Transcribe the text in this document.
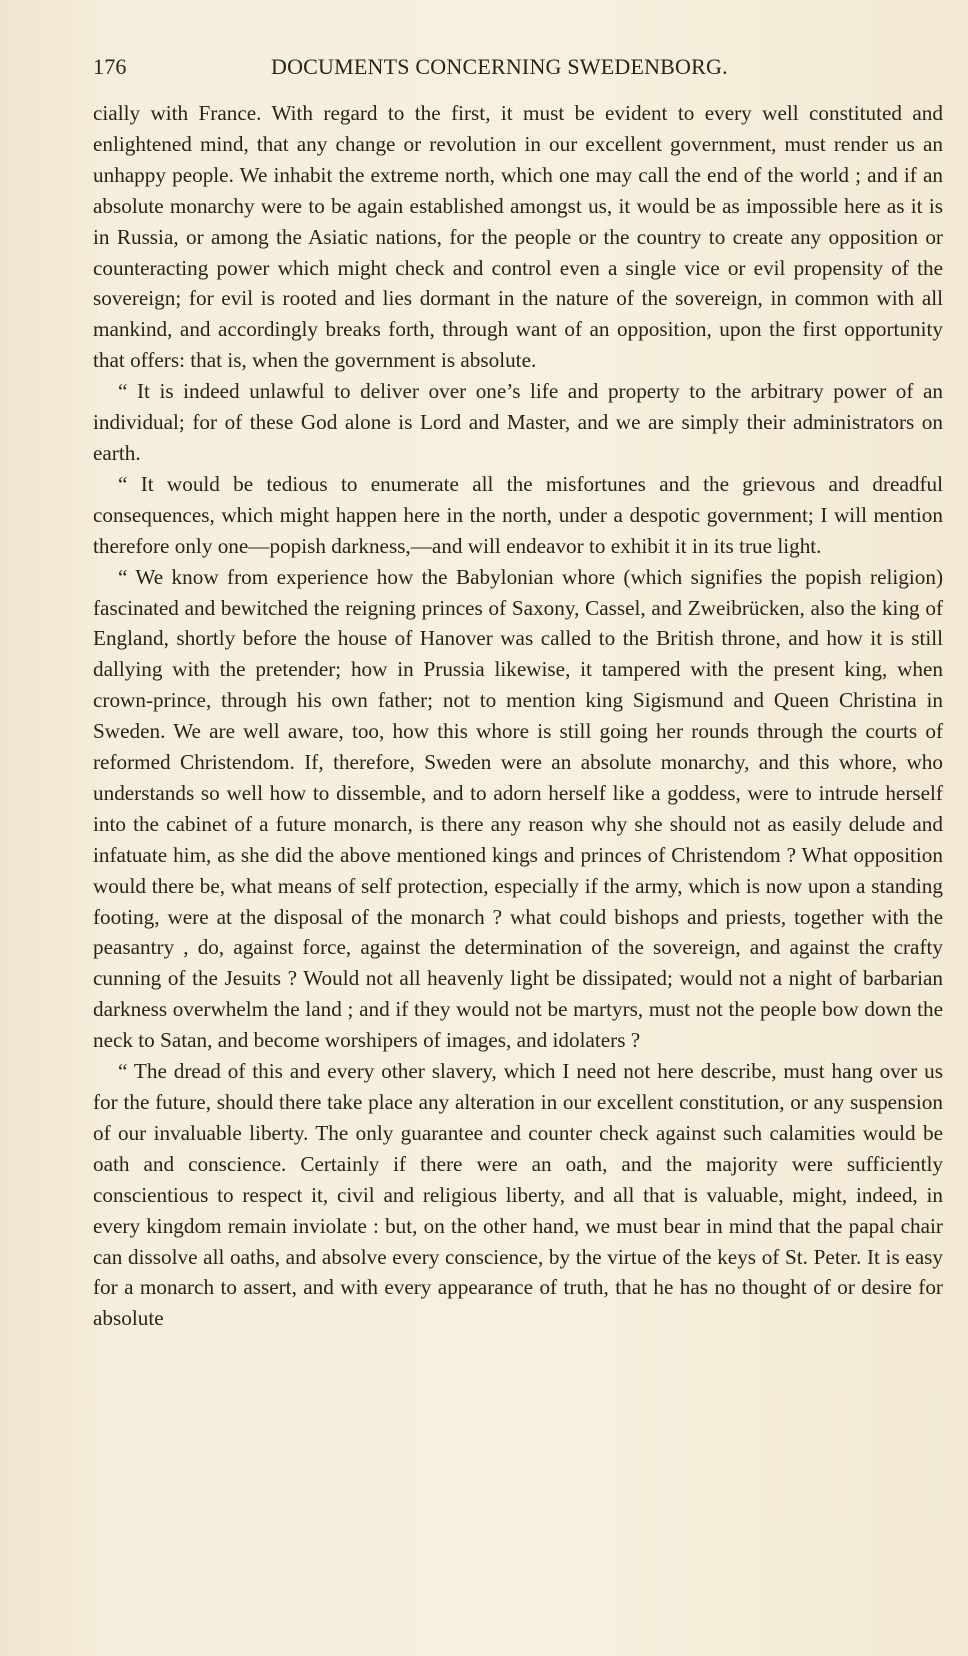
176	DOCUMENTS CONCERNING SWEDENBORG.

cially with France. With regard to the first, it must be evident to every well constituted and enlightened mind, that any change or revolution in our excellent government, must render us an unhappy people. We inhabit the extreme north, which one may call the end of the world ; and if an absolute monarchy were to be again established amongst us, it would be as impossible here as it is in Russia, or among the Asiatic nations, for the people or the country to create any opposition or counteracting power which might check and control even a single vice or evil propensity of the sovereign; for evil is rooted and lies dormant in the nature of the sovereign, in common with all mankind, and accordingly breaks forth, through want of an opposition, upon the first opportunity that offers: that is, when the government is absolute.

“ It is indeed unlawful to deliver over one’s life and property to the arbitrary power of an individual; for of these God alone is Lord and Master, and we are simply their administrators on earth.

“ It would be tedious to enumerate all the misfortunes and the grievous and dreadful consequences, which might happen here in the north, under a despotic government; I will mention therefore only one—popish darkness,—and will endeavor to exhibit it in its true light.

“ We know from experience how the Babylonian whore (which signifies the popish religion) fascinated and bewitched the reigning princes of Saxony, Cassel, and Zweibrücken, also the king of England, shortly before the house of Hanover was called to the British throne, and how it is still dallying with the pretender; how in Prussia likewise, it tampered with the present king, when crown-prince, through his own father; not to mention king Sigismund and Queen Christina in Sweden. We are well aware, too, how this whore is still going her rounds through the courts of reformed Christendom. If, therefore, Sweden were an absolute monarchy, and this whore, who understands so well how to dissemble, and to adorn herself like a goddess, were to intrude herself into the cabinet of a future monarch, is there any reason why she should not as easily delude and infatuate him, as she did the above mentioned kings and princes of Christendom ? What opposition would there be, what means of self protection, especially if the army, which is now upon a standing footing, were at the disposal of the monarch ? what could bishops and priests, together with the peasantry , do, against force, against the determination of the sovereign, and against the crafty cunning of the Jesuits ? Would not all heavenly light be dissipated; would not a night of barbarian darkness overwhelm the land ; and if they would not be martyrs, must not the people bow down the neck to Satan, and become worshipers of images, and idolaters ?

“ The dread of this and every other slavery, which I need not here describe, must hang over us for the future, should there take place any alteration in our excellent constitution, or any suspension of our invaluable liberty. The only guarantee and counter check against such calamities would be oath and conscience. Certainly if there were an oath, and the majority were sufficiently conscientious to respect it, civil and religious liberty, and all that is valuable, might, indeed, in every kingdom remain inviolate : but, on the other hand, we must bear in mind that the papal chair can dissolve all oaths, and absolve every conscience, by the virtue of the keys of St. Peter. It is easy for a monarch to assert, and with every appearance of truth, that he has no thought of or desire for absolute
